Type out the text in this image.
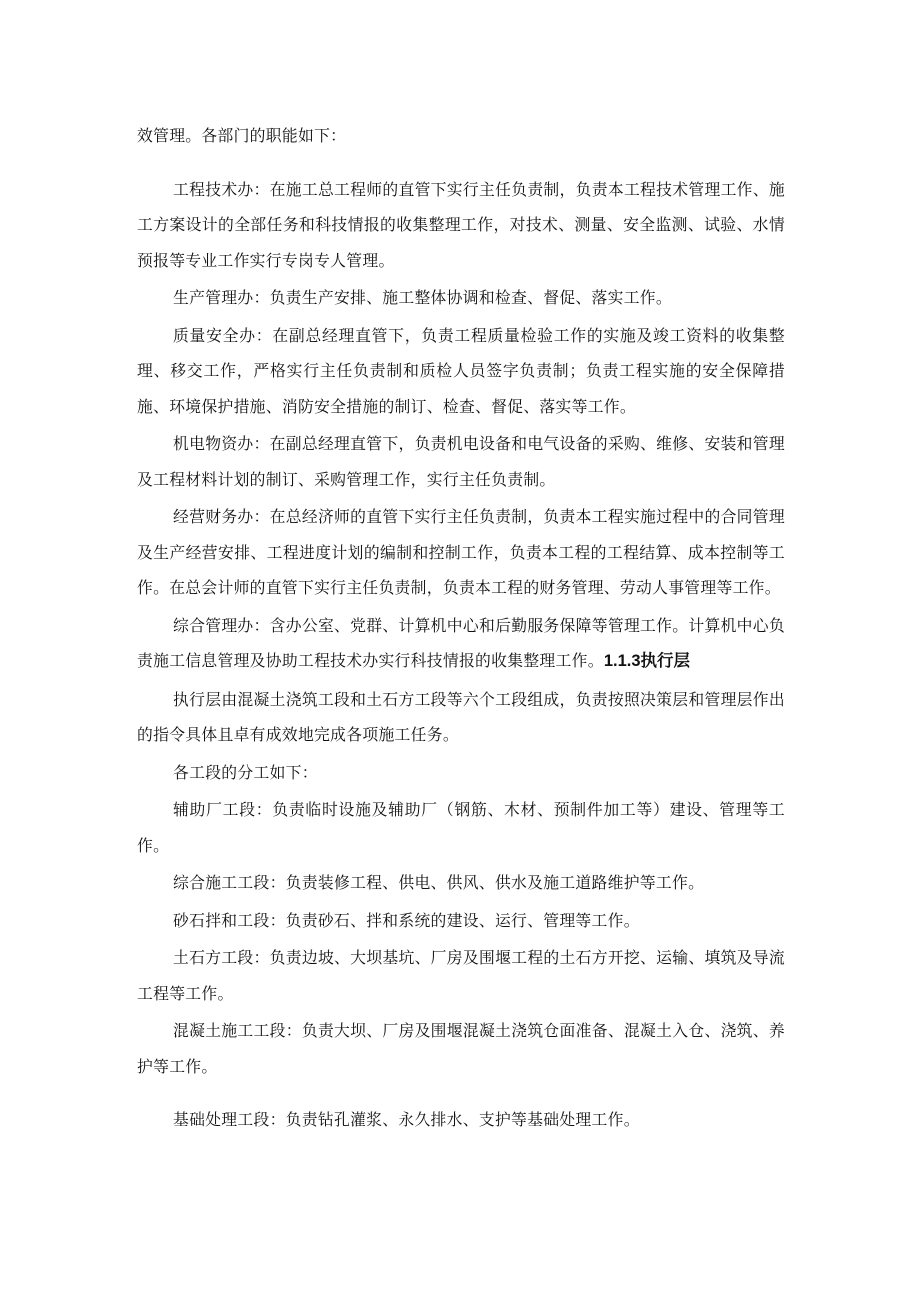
效管理。各部门的职能如下：

工程技术办：在施工总工程师的直管下实行主任负责制，负责本工程技术管理工作、施工方案设计的全部任务和科技情报的收集整理工作，对技术、测量、安全监测、试验、水情预报等专业工作实行专岗专人管理。

生产管理办：负责生产安排、施工整体协调和检查、督促、落实工作。

质量安全办：在副总经理直管下，负责工程质量检验工作的实施及竣工资料的收集整理、移交工作，严格实行主任负责制和质检人员签字负责制；负责工程实施的安全保障措施、环境保护措施、消防安全措施的制订、检查、督促、落实等工作。

机电物资办：在副总经理直管下，负责机电设备和电气设备的采购、维修、安装和管理及工程材料计划的制订、采购管理工作，实行主任负责制。

经营财务办：在总经济师的直管下实行主任负责制，负责本工程实施过程中的合同管理及生产经营安排、工程进度计划的编制和控制工作，负责本工程的工程结算、成本控制等工作。在总会计师的直管下实行主任负责制，负责本工程的财务管理、劳动人事管理等工作。

综合管理办：含办公室、党群、计算机中心和后勤服务保障等管理工作。计算机中心负责施工信息管理及协助工程技术办实行科技情报的收集整理工作。1.1.3执行层

执行层由混凝土浇筑工段和土石方工段等六个工段组成，负责按照决策层和管理层作出的指令具体且卓有成效地完成各项施工任务。

各工段的分工如下：

辅助厂工段：负责临时设施及辅助厂（钢筋、木材、预制件加工等）建设、管理等工作。

综合施工工段：负责装修工程、供电、供风、供水及施工道路维护等工作。

砂石拌和工段：负责砂石、拌和系统的建设、运行、管理等工作。

土石方工段：负责边坡、大坝基坑、厂房及围堰工程的土石方开挖、运输、填筑及导流工程等工作。

混凝土施工工段：负责大坝、厂房及围堰混凝土浇筑仓面准备、混凝土入仓、浇筑、养护等工作。

基础处理工段：负责钻孔灌浆、永久排水、支护等基础处理工作。
